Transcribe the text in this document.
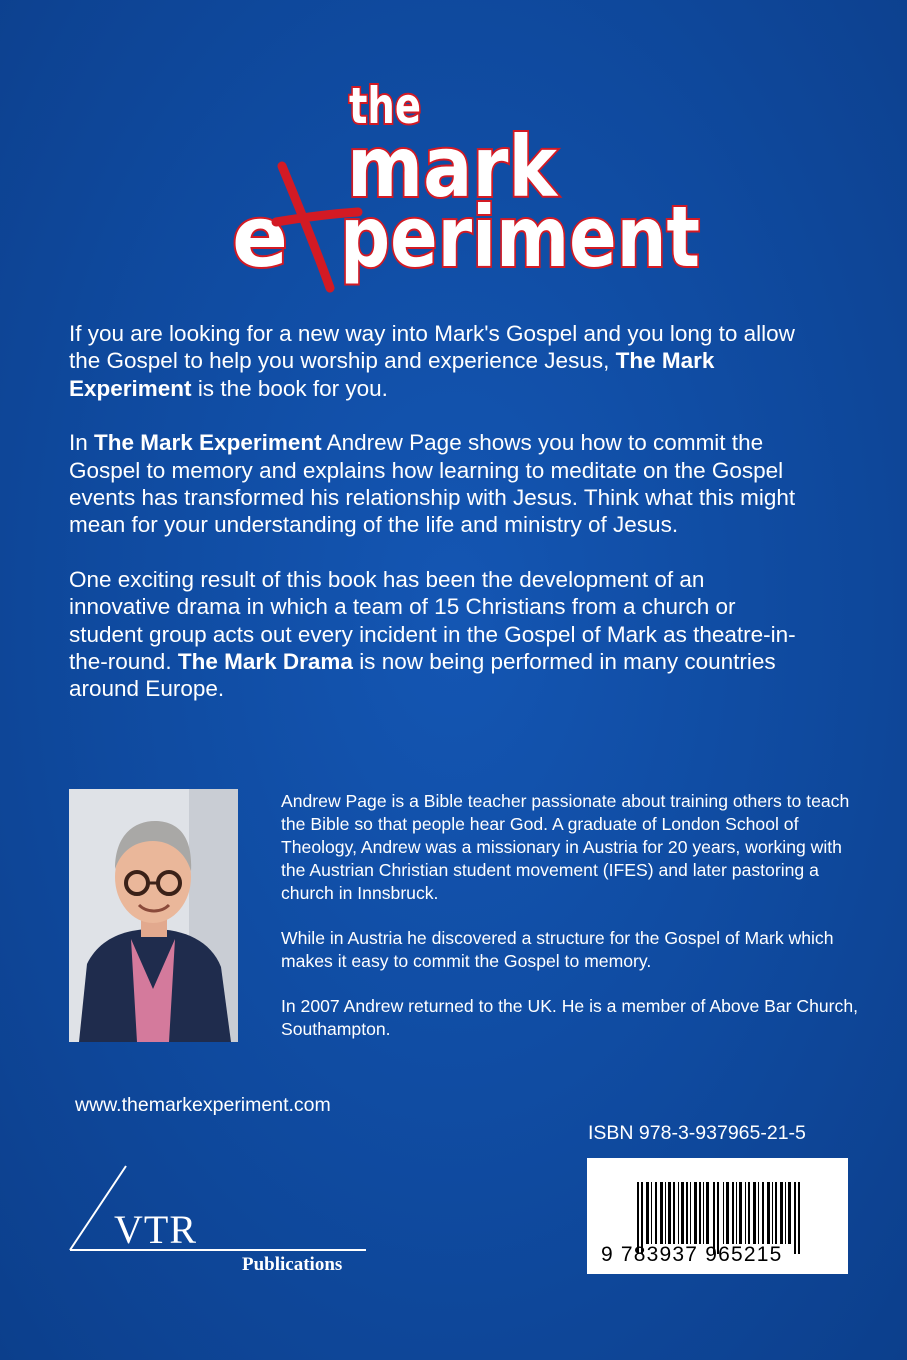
the
mark
e periment

If you are looking for a new way into Mark's Gospel and you long to allow the Gospel to help you worship and experience Jesus, The Mark Experiment is the book for you.

In The Mark Experiment Andrew Page shows you how to commit the Gospel to memory and explains how learning to meditate on the Gospel events has transformed his relationship with Jesus. Think what this might mean for your understanding of the life and ministry of Jesus.

One exciting result of this book has been the development of an innovative drama in which a team of 15 Christians from a church or student group acts out every incident in the Gospel of Mark as theatre-in-the-round. The Mark Drama is now being performed in many countries around Europe.

Andrew Page is a Bible teacher passionate about training others to teach the Bible so that people hear God. A graduate of London School of Theology, Andrew was a missionary in Austria for 20 years, working with the Austrian Christian student movement (IFES) and later pastoring a church in Innsbruck.

While in Austria he discovered a structure for the Gospel of Mark which makes it easy to commit the Gospel to memory.

In 2007 Andrew returned to the UK. He is a member of Above Bar Church, Southampton.

www.themarkexperiment.com
ISBN 978-3-937965-21-5
9 783937 965215
VTR
Publications
